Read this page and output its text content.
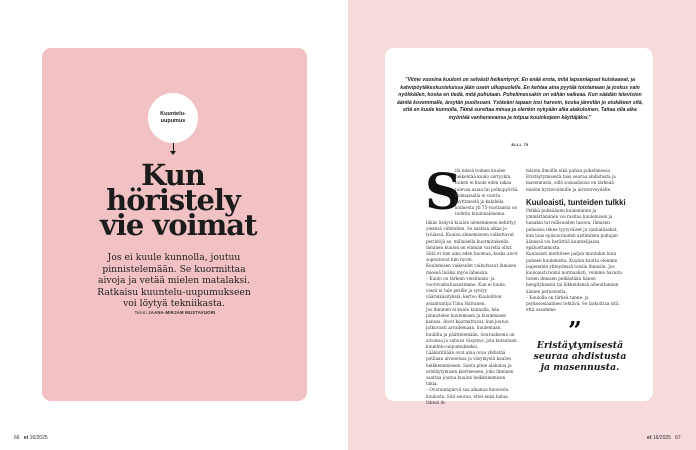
Kuuntelu-
uupumus
Kun
höristely
vie voimat
Jos ei kuule kunnolla, joutuu pinnistelemään. Se kuormittaa aivoja ja vetää mielen matalaksi. Ratkaisu kuuntelu-uupumukseen voi löytyä tekniikasta.
Teksti JAANA-MIRJAM MUSTAVUORI
66 et 16/2025
”Viime vuosina kuuloni on selvästi heikentynyt. En enää erota, mitä lapsenlapset kuiskaavat, ja kahvipöytäkeskusteluissa jään usein ulkopuolelle. En kehtaa aina pyytää toistamaan ja joskus vain nyökkäilen, koska en tiedä, mitä puhutaan. Puhelimessakin on vähän vaikeaa. Kun säädän television äänitä kovemmalle, ärsytän puolisoani. Ystäväni tapaan tosi harvoin, koska jännitän jo etukäteen sitä, että en kuule kunnolla. Tämä surettaa minua ja olenkin nykyään alka alakuloinen. Taitaa olla aika myöntää vanhenevansa ja totpua kuulokojeen käyttäjäksi.”
ELLI, 75
S
itä missä toimen kuulee heikentää kuulo siirtyykin, toinen ei kuule eden takaa tulevaa asiaa tai polkupyörää. Kolmassalla ei vaottu täyttimestä ja kahdella kolmesta yli 75-vuotiaasta on todettu kuulonalenema.

Iäkäs lisäyvä kuulon alenemineen kehittyy yleensä vähitellen. Se saattaa alkaa jo työiässä. Kuulon alenemiseen vaikuttavat perintöjä se, millaisella kuormituksella ihminen kuulon on elämän varrella ollut. Siitä et tiee aina eden huomaa, koska aivot sopeutuvat niin hyvin.

Kuulemisen vaikeudet vaikuttavat ihmisen mieseä lisäksi myös läheisiin.

– Kuulo on tärkein viestinnän- ja vuorovaikutusaistimme. Kun ei kuule, viesti ei tule perille ja syntyy väärinkäsityksiä, kertoo Kuuloliiton asiantuntija Tiina Hattunen.

Jos ihminen ei kuule kunnolla, hän pinnistelee kuulemisen ja kuulemisen kanssa. Aivot kuormittuvat, kun joutuu jatkuvasti arvailemaan, kuulemaan, huulilta ja päättelemään. Seurauksena on aivoissa ja vahuva väsymys, jota kutsutaan kuuntelu-uupumukseksi.

Lääkäritilään ovat aina ovaa yhdistää potilaan aivoneissa ja väsymystä kuulon heikkenemiseen. Santa pitee alakuloa ja eristäytymisen kierteeseen, joko ihminen saattaa joutua kuulon heikkenemisen takia.

– Ovaruumpärvä saa alkanua huonosta kuulosta. Sitä seuraa, ettei enää halua lähteä ih-

misten ilmoille eikä puhua puhelimessa. Eristäytymisestä taas seuraa ahdistusta ja masennusta, sillä sosiaalisuus on tärkeää mielen hyvinvoinnille ja aivoterveydelle.
Kuuloaisti, tunteiden tulkki

Pelkkä puheäänen kuuleminen ja ymmärtäminen voi rasitus kuulemisen ja hanakin tarvallisuuden tasoon. Ihmisen puheissa tekee tyytyväiset ja vanhallisekat, kun taas epäsuoruuden aistiminen puhujan äänessä voi herättää kuuntelijassa epäluottamusta.

Kuuloaisti merkitsee paljon muutakin kuin puheen kuulemista. Kuulon kautta olemme laajemmin yhteydessä toisiin ihmisiin. Jos kuuloaisti toimii normaalisti, voimme havaita toisen ihmisen pelkästään hänen hengityksestä tai liikkeidensä aiheuttamien äänien perusteella.

– Kuulolla on tärkeä tunne- ja psykososiaalinen tehtävä. Se tarkoittaa sitä, että osaamme

”
Eristäytymisestä seuraa ahdistusta ja masennusta.
et 16/2025 67
